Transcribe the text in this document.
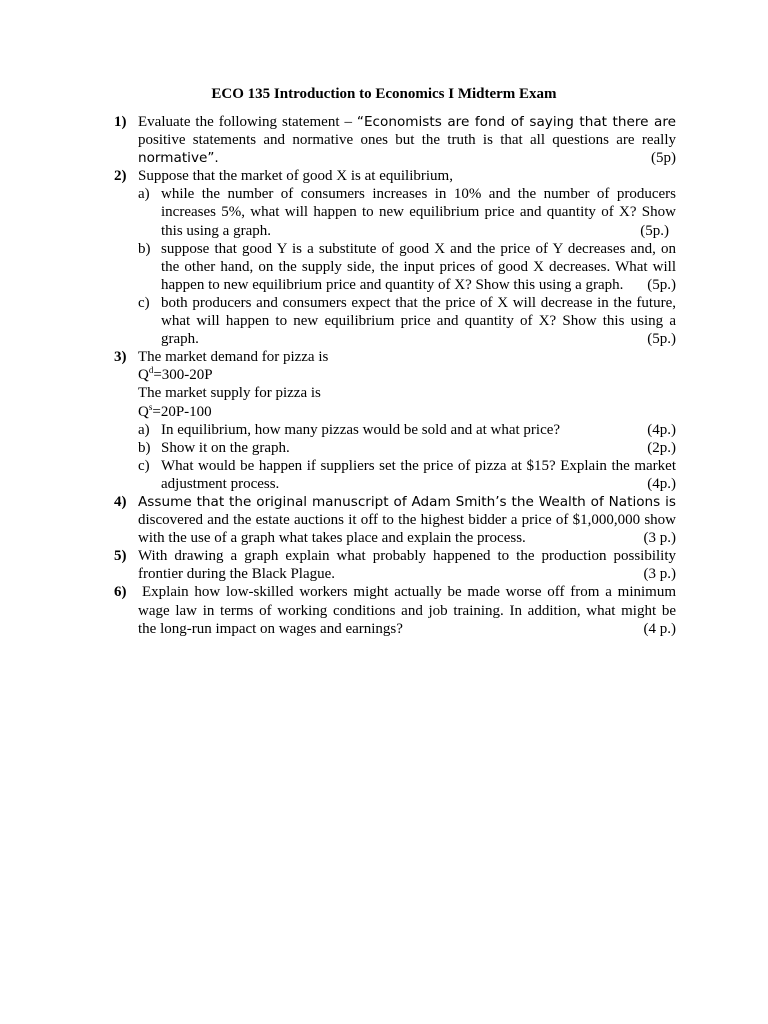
ECO 135 Introduction to Economics I Midterm Exam
1) Evaluate the following statement – “Economists are fond of saying that there are
positive statements and normative ones but the truth is that all questions are really
normative”.	(5p)
2) Suppose that the market of good X is at equilibrium,
a) while the number of consumers increases in 10% and the number of producers
increases 5%, what will happen to new equilibrium price and quantity of X? Show
this using a graph.	(5p.)
b) suppose that good Y is a substitute of good X and the price of Y decreases and, on
the other hand, on the supply side, the input prices of good X decreases. What will
happen to new equilibrium price and quantity of X? Show this using a graph. (5p.)
c) both producers and consumers expect that the price of X will decrease in the future,
what will happen to new equilibrium price and quantity of X? Show this using a
graph.	(5p.)
3) The market demand for pizza is
$Q^d=300-20P$
The market supply for pizza is
$Q^s=20P-100$
a) In equilibrium, how many pizzas would be sold and at what price?	(4p.)
b) Show it on the graph.	(2p.)
c) What would be happen if suppliers set the price of pizza at $15? Explain the market
adjustment process.	(4p.)
4) Assume that the original manuscript of Adam Smith’s the Wealth of Nations is
discovered and the estate auctions it off to the highest bidder a price of $1,000,000 show
with the use of a graph what takes place and explain the process.	(3 p.)
5) With drawing a graph explain what probably happened to the production possibility
frontier during the Black Plague.	(3 p.)
6) Explain how low-skilled workers might actually be made worse off from a minimum
wage law in terms of working conditions and job training. In addition, what might be
the long-run impact on wages and earnings?	(4 p.)
